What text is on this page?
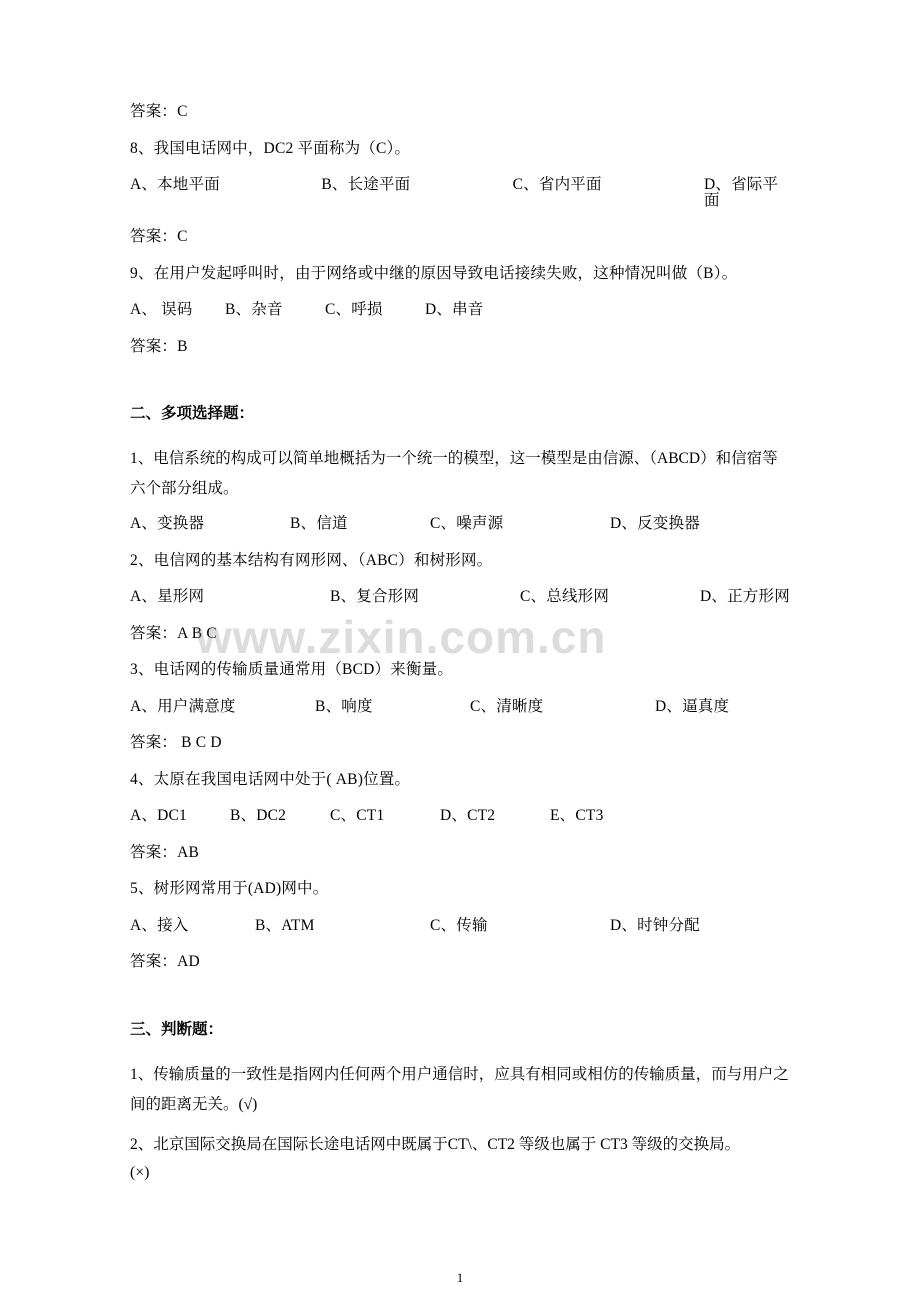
答案：C
8、我国电话网中，DC2 平面称为（C）。
A、本地平面	B、长途平面	C、省内平面	D、省际平面
答案：C
9、在用户发起呼叫时，由于网络或中继的原因导致电话接续失败，这种情况叫做（B）。
A、 误码	B、杂音	C、呼损	D、串音
答案：B
二、多项选择题：
1、电信系统的构成可以简单地概括为一个统一的模型，这一模型是由信源、（ABCD）和信宿等六个部分组成。
A、变换器	B、信道	C、噪声源	D、反变换器
2、电信网的基本结构有网形网、（ABC）和树形网。
A、星形网	B、复合形网	C、总线形网	D、正方形网
答案：A B C
3、电话网的传输质量通常用（BCD）来衡量。
A、用户满意度	B、响度	C、清晰度	D、逼真度
答案： B C D
4、太原在我国电话网中处于( AB)位置。
A、DC1	B、DC2	C、CT1	D、CT2	E、CT3
答案：AB
5、树形网常用于(AD)网中。
A、接入	B、ATM	C、传输	D、时钟分配
答案：AD
三、判断题：
1、传输质量的一致性是指网内任何两个用户通信时，应具有相同或相仿的传输质量，而与用户之间的距离无关。(√)
2、北京国际交换局在国际长途电话网中既属于CT\、CT2 等级也属于 CT3 等级的交换局。
(×)
www.zixin.com.cn
1
